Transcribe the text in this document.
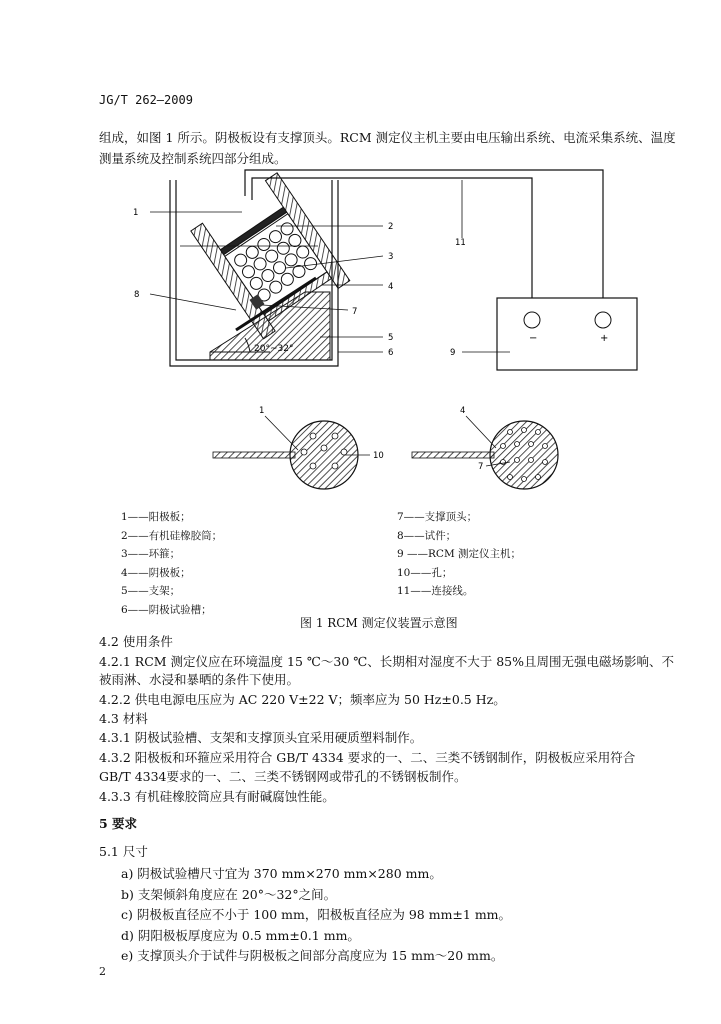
JG/T 262—2009
组成，如图 1 所示。阴极板设有支撑顶头。RCM 测定仪主机主要由电压输出系统、电流采集系统、温度
测量系统及控制系统四部分组成。
20°~32°
−	+
1
2
3
4
7
8
5
6
11
9
1
10
4
7
1——阳极板；
2——有机硅橡胶筒；
3——环箍；
4——阴极板；
5——支架；
6——阴极试验槽；
7——支撑顶头；
8——试件；
9 ——RCM 测定仪主机；
10——孔；
11——连接线。
图 1 RCM 测定仪装置示意图
4.2 使用条件
4.2.1 RCM 测定仪应在环境温度 15 ℃～30 ℃、长期相对湿度不大于 85%且周围无强电磁场影响、不
被雨淋、水浸和暴晒的条件下使用。
4.2.2 供电电源电压应为 AC 220 V±22 V；频率应为 50 Hz±0.5 Hz。
4.3 材料
4.3.1 阴极试验槽、支架和支撑顶头宜采用硬质塑料制作。
4.3.2 阳极板和环箍应采用符合 GB/T 4334 要求的一、二、三类不锈钢制作，阴极板应采用符合
GB/T 4334要求的一、二、三类不锈钢网或带孔的不锈钢板制作。
4.3.3 有机硅橡胶筒应具有耐碱腐蚀性能。
5 要求
5.1 尺寸
a) 阴极试验槽尺寸宜为 370 mm×270 mm×280 mm。
b) 支架倾斜角度应在 20°～32°之间。
c) 阴极板直径应不小于 100 mm，阳极板直径应为 98 mm±1 mm。
d) 阴阳极板厚度应为 0.5 mm±0.1 mm。
e) 支撑顶头介于试件与阴极板之间部分高度应为 15 mm～20 mm。
2
